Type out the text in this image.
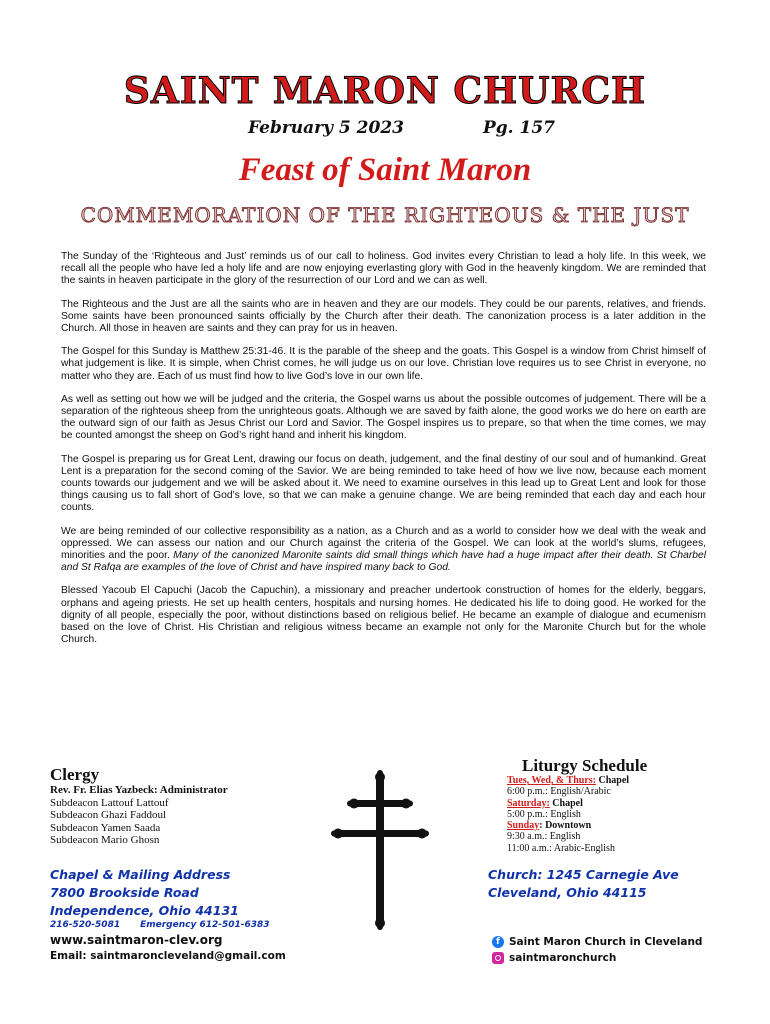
SAINT MARON CHURCH
February 5 2023	Pg. 157
Feast of Saint Maron
COMMEMORATION OF THE RIGHTEOUS & THE JUST

The Sunday of the ‘Righteous and Just’ reminds us of our call to holiness. God invites every Christian to lead a holy life. In this week, we recall all the people who have led a holy life and are now enjoying everlasting glory with God in the heavenly kingdom. We are reminded that the saints in heaven participate in the glory of the resurrection of our Lord and we can as well.

The Righteous and the Just are all the saints who are in heaven and they are our models. They could be our parents, relatives, and friends. Some saints have been pronounced saints officially by the Church after their death. The canonization process is a later addition in the Church. All those in heaven are saints and they can pray for us in heaven.

The Gospel for this Sunday is Matthew 25:31-46. It is the parable of the sheep and the goats. This Gospel is a window from Christ himself of what judgement is like. It is simple, when Christ comes, he will judge us on our love. Christian love requires us to see Christ in everyone, no matter who they are. Each of us must find how to live God’s love in our own life.

As well as setting out how we will be judged and the criteria, the Gospel warns us about the possible outcomes of judgement. There will be a separation of the righteous sheep from the unrighteous goats. Although we are saved by faith alone, the good works we do here on earth are the outward sign of our faith as Jesus Christ our Lord and Savior. The Gospel inspires us to prepare, so that when the time comes, we may be counted amongst the sheep on God’s right hand and inherit his kingdom.

The Gospel is preparing us for Great Lent, drawing our focus on death, judgement, and the final destiny of our soul and of humankind. Great Lent is a preparation for the second coming of the Savior. We are being reminded to take heed of how we live now, because each moment counts towards our judgement and we will be asked about it. We need to examine ourselves in this lead up to Great Lent and look for those things causing us to fall short of God’s love, so that we can make a genuine change. We are being reminded that each day and each hour counts.

We are being reminded of our collective responsibility as a nation, as a Church and as a world to consider how we deal with the weak and oppressed. We can assess our nation and our Church against the criteria of the Gospel. We can look at the world’s slums, refugees, minorities and the poor. Many of the canonized Maronite saints did small things which have had a huge impact after their death. St Charbel and St Rafqa are examples of the love of Christ and have inspired many back to God.

Blessed Yacoub El Capuchi (Jacob the Capuchin), a missionary and preacher undertook construction of homes for the elderly, beggars, orphans and ageing priests. He set up health centers, hospitals and nursing homes. He dedicated his life to doing good. He worked for the dignity of all people, especially the poor, without distinctions based on religious belief. He became an example of dialogue and ecumenism based on the love of Christ. His Christian and religious witness became an example not only for the Maronite Church but for the whole Church.

Clergy
Rev. Fr. Elias Yazbeck: Administrator
Subdeacon Lattouf Lattouf
Subdeacon Ghazi Faddoul
Subdeacon Yamen Saada
Subdeacon Mario Ghosn
Liturgy Schedule
Tues, Wed, & Thurs: Chapel
6:00 p.m.: English/Arabic
Saturday: Chapel
5:00 p.m.: English
Sunday: Downtown
9:30 a.m.: English
11:00 a.m.: Arabic-English
Chapel & Mailing Address
7800 Brookside Road
Independence, Ohio 44131
216-520-5081 Emergency 612-501-6383
www.saintmaron-clev.org
Email: saintmaroncleveland@gmail.com
Church: 1245 Carnegie Ave
Cleveland, Ohio 44115
f Saint Maron Church in Cleveland
saintmaronchurch
